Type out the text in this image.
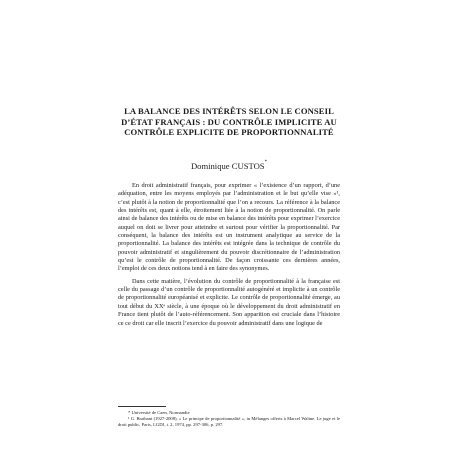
LA BALANCE DES INTÉRÊTS SELON LE CONSEIL
D’ÉTAT FRANÇAIS : DU CONTRÔLE IMPLICITE AU
CONTRÔLE EXPLICITE DE PROPORTIONNALITÉ
Dominique CUSTOS*

En droit administratif français, pour exprimer « l’existence d’un rapport, d’une adéquation, entre les moyens employés par l’administration et le but qu’elle vise »¹, c’est plutôt à la notion de proportionnalité que l’on a recours. La référence à la balance des intérêts est, quant à elle, étroitement liée à la notion de proportionnalité. On parle ainsi de balance des intérêts ou de mise en balance des intérêts pour exprimer l’exercice auquel on doit se livrer pour atteindre et surtout pour vérifier la proportionnalité. Par conséquent, la balance des intérêts est un instrument analytique au service de la proportionnalité. La balance des intérêts est intégrée dans la technique de contrôle du pouvoir administratif et singulièrement du pouvoir discrétionnaire de l’administration qu’est le contrôle de proportionnalité. De façon croissante ces dernières années, l’emploi de ces deux notions tend à en faire des synonymes.

Dans cette matière, l’évolution du contrôle de proportionnalité à la française est celle du passage d’un contrôle de proportionnalité autogénéré et implicite à un contrôle de proportionnalité européanisé et explicite. Le contrôle de proportionnalité émerge, au tout début du XXᵉ siècle, à une époque où le développement du droit administratif en France tient plutôt de l’auto-référencement. Son apparition est cruciale dans l’histoire ce ce droit car elle inscrit l’exercice du pouvoir administratif dans une logique de

* Université de Caen, Normandie

¹ G. Braibant (1927-2008), « Le principe de proportionnalité », in Mélanges offerts à Marcel Waline. Le juge et le droit public, Paris, LGDJ, t. 2, 1974, pp. 297-306, p. 297.
